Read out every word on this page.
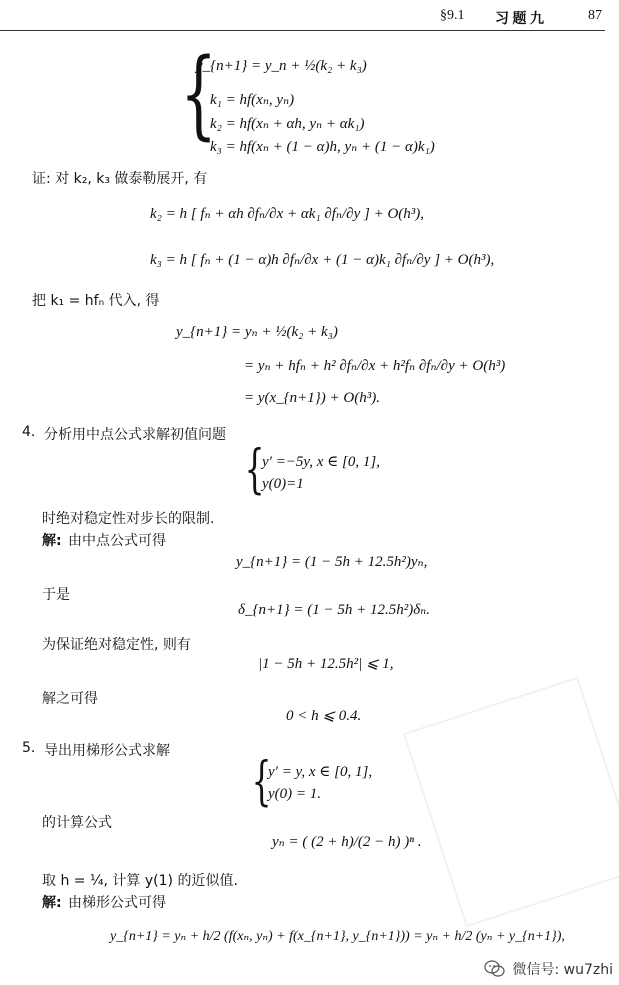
§9.1 习 题 九	87
{
y_{n+1} = y_n + ½(k₂ + k₃)
k₁ = hf(xₙ, yₙ)
k₂ = hf(xₙ + αh, yₙ + αk₁)
k₃ = hf(xₙ + (1 − α)h, yₙ + (1 − α)k₁)
证: 对 k₂, k₃ 做泰勒展开, 有
k₂ = h [ fₙ + αh ∂fₙ/∂x + αk₁ ∂fₙ/∂y ] + O(h³),
k₃ = h [ fₙ + (1 − α)h ∂fₙ/∂x + (1 − α)k₁ ∂fₙ/∂y ] + O(h³),
把 k₁ = hfₙ 代入, 得
y_{n+1} = yₙ + ½(k₂ + k₃)
= yₙ + hfₙ + h² ∂fₙ/∂x + h²fₙ ∂fₙ/∂y + O(h³)
= y(x_{n+1}) + O(h³).
4. 分析用中点公式求解初值问题
{
y′ =−5y, x ∈ [0, 1],
y(0)=1
时绝对稳定性对步长的限制.
解: 由中点公式可得
y_{n+1} = (1 − 5h + 12.5h²)yₙ,
于是
δ_{n+1} = (1 − 5h + 12.5h²)δₙ.
为保证绝对稳定性, 则有
|1 − 5h + 12.5h²| ⩽ 1,
解之可得
0 < h ⩽ 0.4.
5. 导出用梯形公式求解
{
y′ = y, x ∈ [0, 1],
y(0) = 1.
的计算公式
yₙ = ( (2 + h)/(2 − h) )ⁿ .
取 h = ¼, 计算 y(1) 的近似值.
解: 由梯形公式可得
y_{n+1} = yₙ + h/2 (f(xₙ, yₙ) + f(x_{n+1}, y_{n+1})) = yₙ + h/2 (yₙ + y_{n+1}),
微信号: wu7zhi
